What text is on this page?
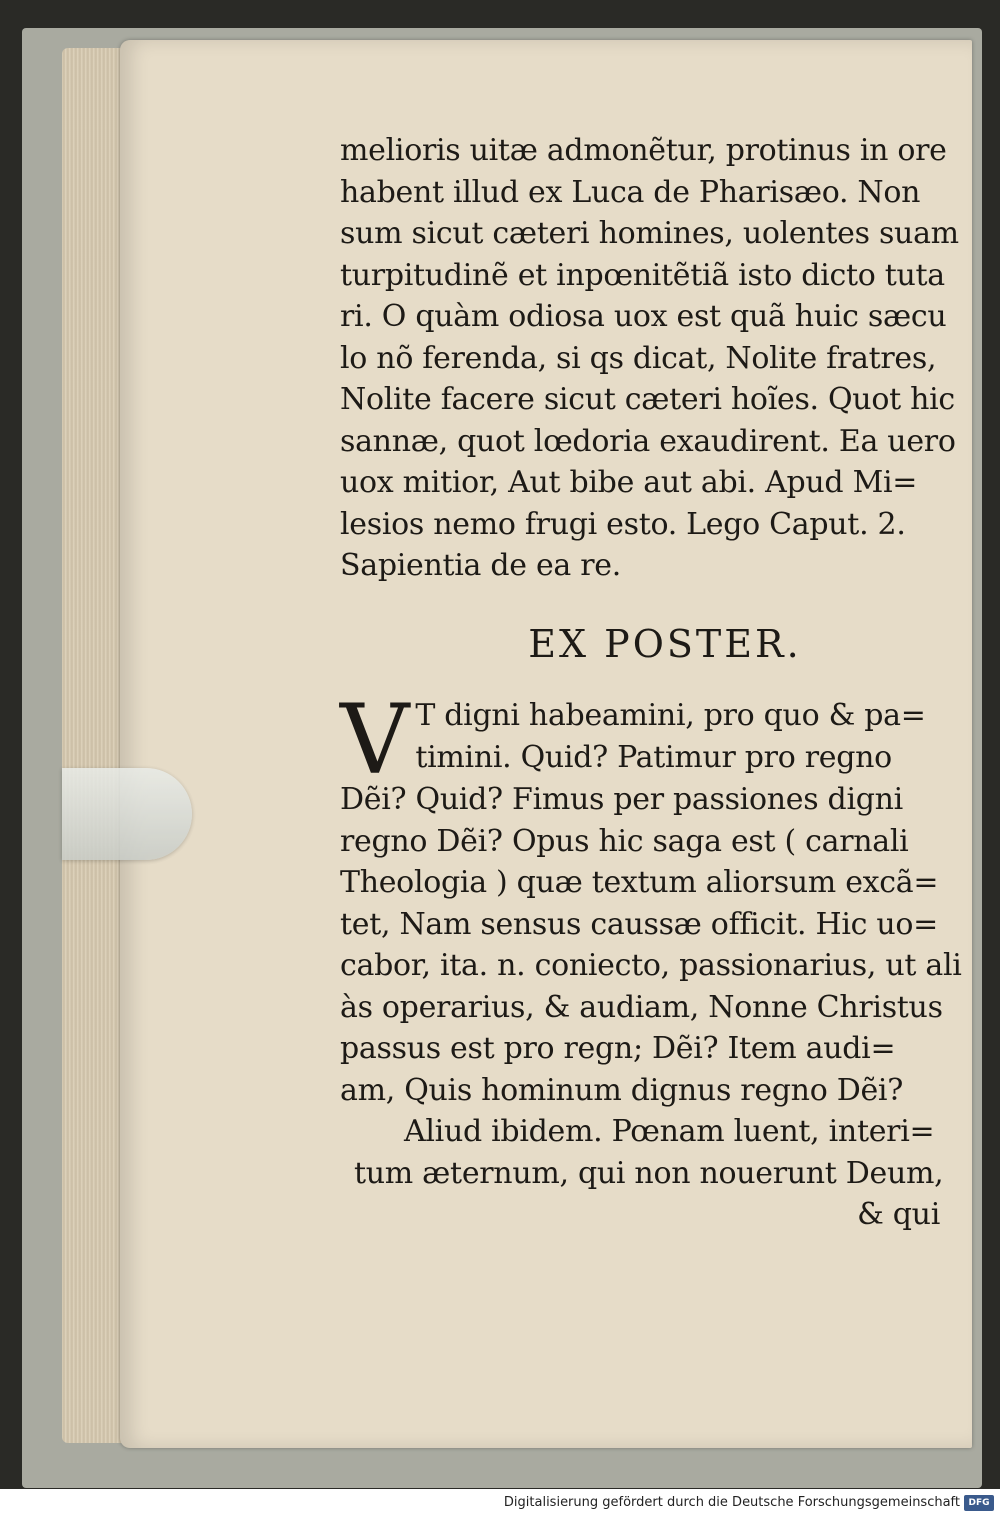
melioris uitæ admonẽtur, protinus in ore
habent illud ex Luca de Pharisæo. Non
sum sicut cæteri homines, uolentes suam
turpitudinẽ et inpœnitẽtiã isto dicto tuta
ri. O quàm odiosa uox est quã huic sæcu
lo nõ ferenda, si qs dicat, Nolite fratres,
Nolite facere sicut cæteri hoĩes. Quot hic
sannæ, quot lœdoria exaudirent. Ea uero
uox mitior, Aut bibe aut abi. Apud Mi=
lesios nemo frugi esto. Lego Caput. 2.
Sapientia de ea re.
EX POSTER.
V T digni habeamini, pro quo & pa=
timini. Quid? Patimur pro regno
Dẽi? Quid? Fimus per passiones digni
regno Dẽi? Opus hic saga est ( carnali
Theologia ) quæ textum aliorsum excã=
tet, Nam sensus caussæ officit. Hic uo=
cabor, ita. n. coniecto, passionarius, ut ali
às operarius, & audiam, Nonne Christus
passus est pro regn; Dẽi? Item audi=
am, Quis hominum dignus regno Dẽi?
Aliud ibidem. Pœnam luent, interi=
tum æternum, qui non nouerunt Deum,
& qui
Digitalisierung gefördert durch die Deutsche Forschungsgemeinschaft DFG
